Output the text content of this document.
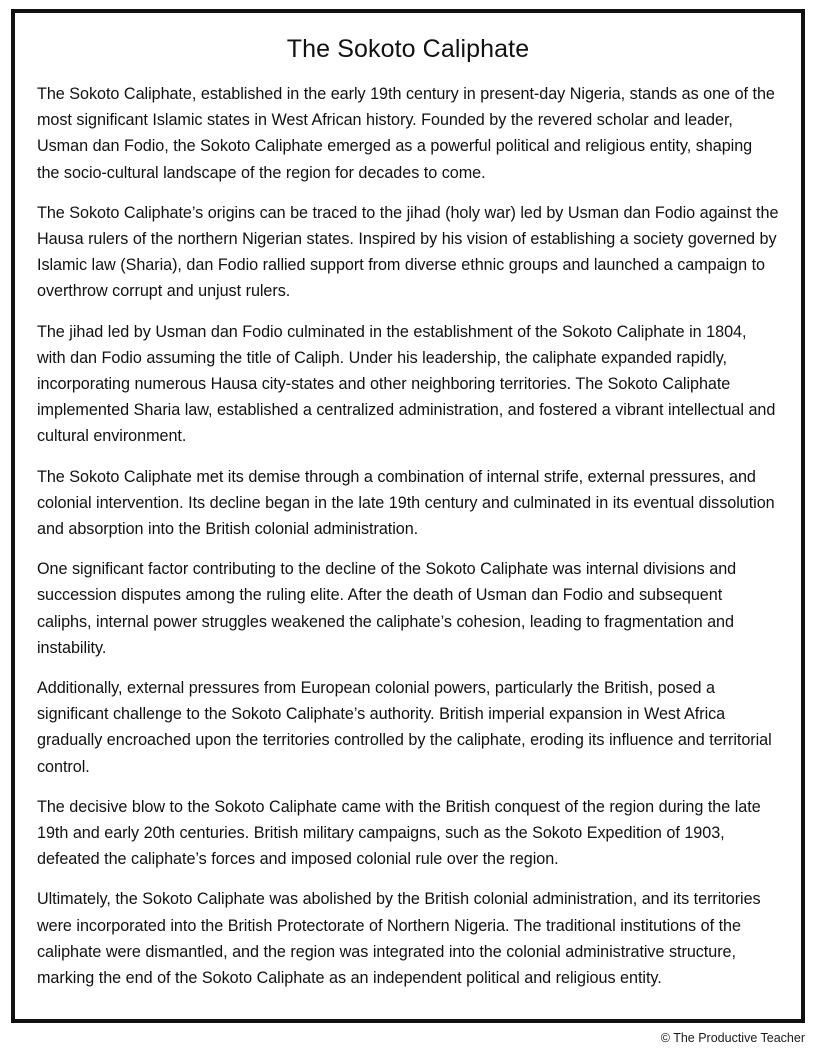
The Sokoto Caliphate

The Sokoto Caliphate, established in the early 19th century in present-day Nigeria, stands as one of the most significant Islamic states in West African history. Founded by the revered scholar and leader, Usman dan Fodio, the Sokoto Caliphate emerged as a powerful political and religious entity, shaping the socio-cultural landscape of the region for decades to come.

The Sokoto Caliphate’s origins can be traced to the jihad (holy war) led by Usman dan Fodio against the Hausa rulers of the northern Nigerian states. Inspired by his vision of establishing a society governed by Islamic law (Sharia), dan Fodio rallied support from diverse ethnic groups and launched a campaign to overthrow corrupt and unjust rulers.

The jihad led by Usman dan Fodio culminated in the establishment of the Sokoto Caliphate in 1804, with dan Fodio assuming the title of Caliph. Under his leadership, the caliphate expanded rapidly, incorporating numerous Hausa city-states and other neighboring territories. The Sokoto Caliphate implemented Sharia law, established a centralized administration, and fostered a vibrant intellectual and cultural environment.

The Sokoto Caliphate met its demise through a combination of internal strife, external pressures, and colonial intervention. Its decline began in the late 19th century and culminated in its eventual dissolution and absorption into the British colonial administration.

One significant factor contributing to the decline of the Sokoto Caliphate was internal divisions and succession disputes among the ruling elite. After the death of Usman dan Fodio and subsequent caliphs, internal power struggles weakened the caliphate’s cohesion, leading to fragmentation and instability.

Additionally, external pressures from European colonial powers, particularly the British, posed a significant challenge to the Sokoto Caliphate’s authority. British imperial expansion in West Africa gradually encroached upon the territories controlled by the caliphate, eroding its influence and territorial control.

The decisive blow to the Sokoto Caliphate came with the British conquest of the region during the late 19th and early 20th centuries. British military campaigns, such as the Sokoto Expedition of 1903, defeated the caliphate’s forces and imposed colonial rule over the region.

Ultimately, the Sokoto Caliphate was abolished by the British colonial administration, and its territories were incorporated into the British Protectorate of Northern Nigeria. The traditional institutions of the caliphate were dismantled, and the region was integrated into the colonial administrative structure, marking the end of the Sokoto Caliphate as an independent political and religious entity.

© The Productive Teacher
